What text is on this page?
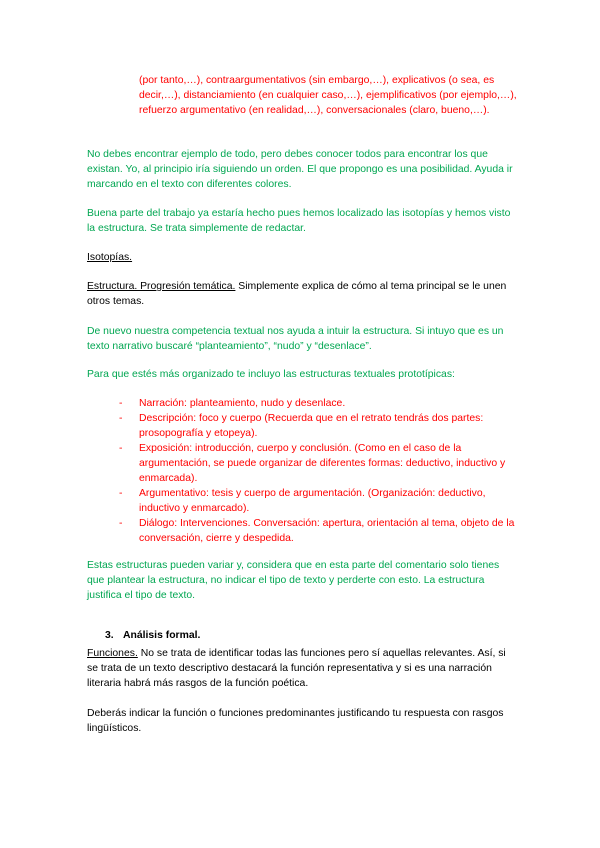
(por tanto,…), contraargumentativos (sin embargo,…), explicativos (o sea, es decir,…), distanciamiento (en cualquier caso,…), ejemplificativos (por ejemplo,…), refuerzo argumentativo (en realidad,…), conversacionales (claro, bueno,…).

No debes encontrar ejemplo de todo, pero debes conocer todos para encontrar los que existan. Yo, al principio iría siguiendo un orden. El que propongo es una posibilidad. Ayuda ir marcando en el texto con diferentes colores.

Buena parte del trabajo ya estaría hecho pues hemos localizado las isotopías y hemos visto la estructura. Se trata simplemente de redactar.

Isotopías.

Estructura. Progresión temática. Simplemente explica de cómo al tema principal se le unen otros temas.

De nuevo nuestra competencia textual nos ayuda a intuir la estructura. Si intuyo que es un texto narrativo buscaré “planteamiento”, “nudo” y “desenlace”.

Para que estés más organizado te incluyo las estructuras textuales prototípicas:

- Narración: planteamiento, nudo y desenlace.
- Descripción: foco y cuerpo (Recuerda que en el retrato tendrás dos partes: prosopografía y etopeya).
- Exposición: introducción, cuerpo y conclusión. (Como en el caso de la argumentación, se puede organizar de diferentes formas: deductivo, inductivo y enmarcada).
- Argumentativo: tesis y cuerpo de argumentación. (Organización: deductivo, inductivo y enmarcado).
- Diálogo: Intervenciones. Conversación: apertura, orientación al tema, objeto de la conversación, cierre y despedida.

Estas estructuras pueden variar y, considera que en esta parte del comentario solo tienes que plantear la estructura, no indicar el tipo de texto y perderte con esto. La estructura justifica el tipo de texto.

3. Análisis formal.

Funciones. No se trata de identificar todas las funciones pero sí aquellas relevantes. Así, si se trata de un texto descriptivo destacará la función representativa y si es una narración literaria habrá más rasgos de la función poética.

Deberás indicar la función o funciones predominantes justificando tu respuesta con rasgos lingüísticos.
